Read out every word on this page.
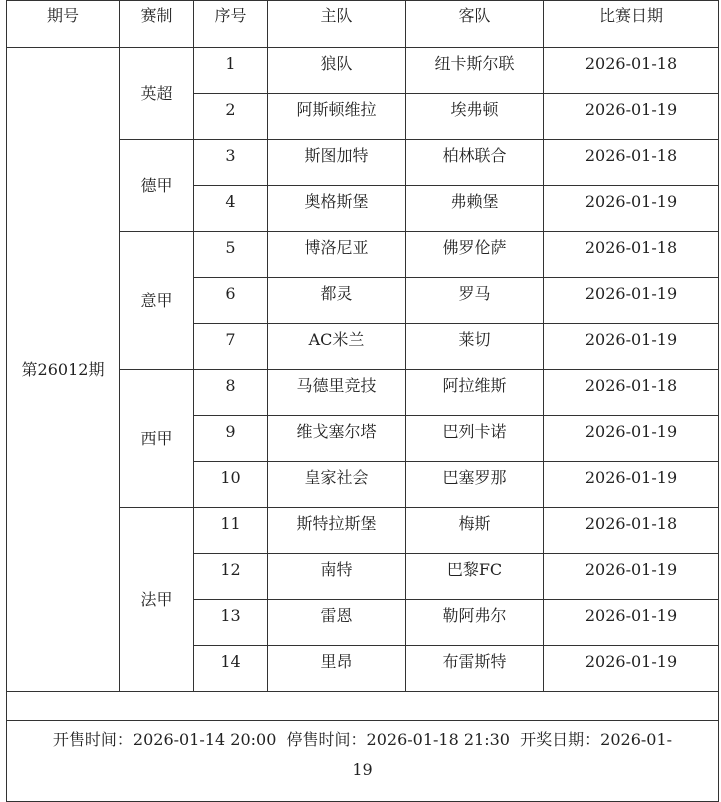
期号	赛制	序号	主队	客队	比赛日期
第26012期	英超	1	狼队	纽卡斯尔联	2026-01-18
		2	阿斯顿维拉	埃弗顿	2026-01-19
	德甲	3	斯图加特	柏林联合	2026-01-18
		4	奥格斯堡	弗赖堡	2026-01-19
	意甲	5	博洛尼亚	佛罗伦萨	2026-01-18
		6	都灵	罗马	2026-01-19
		7	AC米兰	莱切	2026-01-19
	西甲	8	马德里竞技	阿拉维斯	2026-01-18
		9	维戈塞尔塔	巴列卡诺	2026-01-19
		10	皇家社会	巴塞罗那	2026-01-19
	法甲	11	斯特拉斯堡	梅斯	2026-01-18
		12	南特	巴黎FC	2026-01-19
		13	雷恩	勒阿弗尔	2026-01-19
		14	里昂	布雷斯特	2026-01-19

开售时间：2026-01-14 20:00  停售时间：2026-01-18 21:30  开奖日期：2026-01-
19					
